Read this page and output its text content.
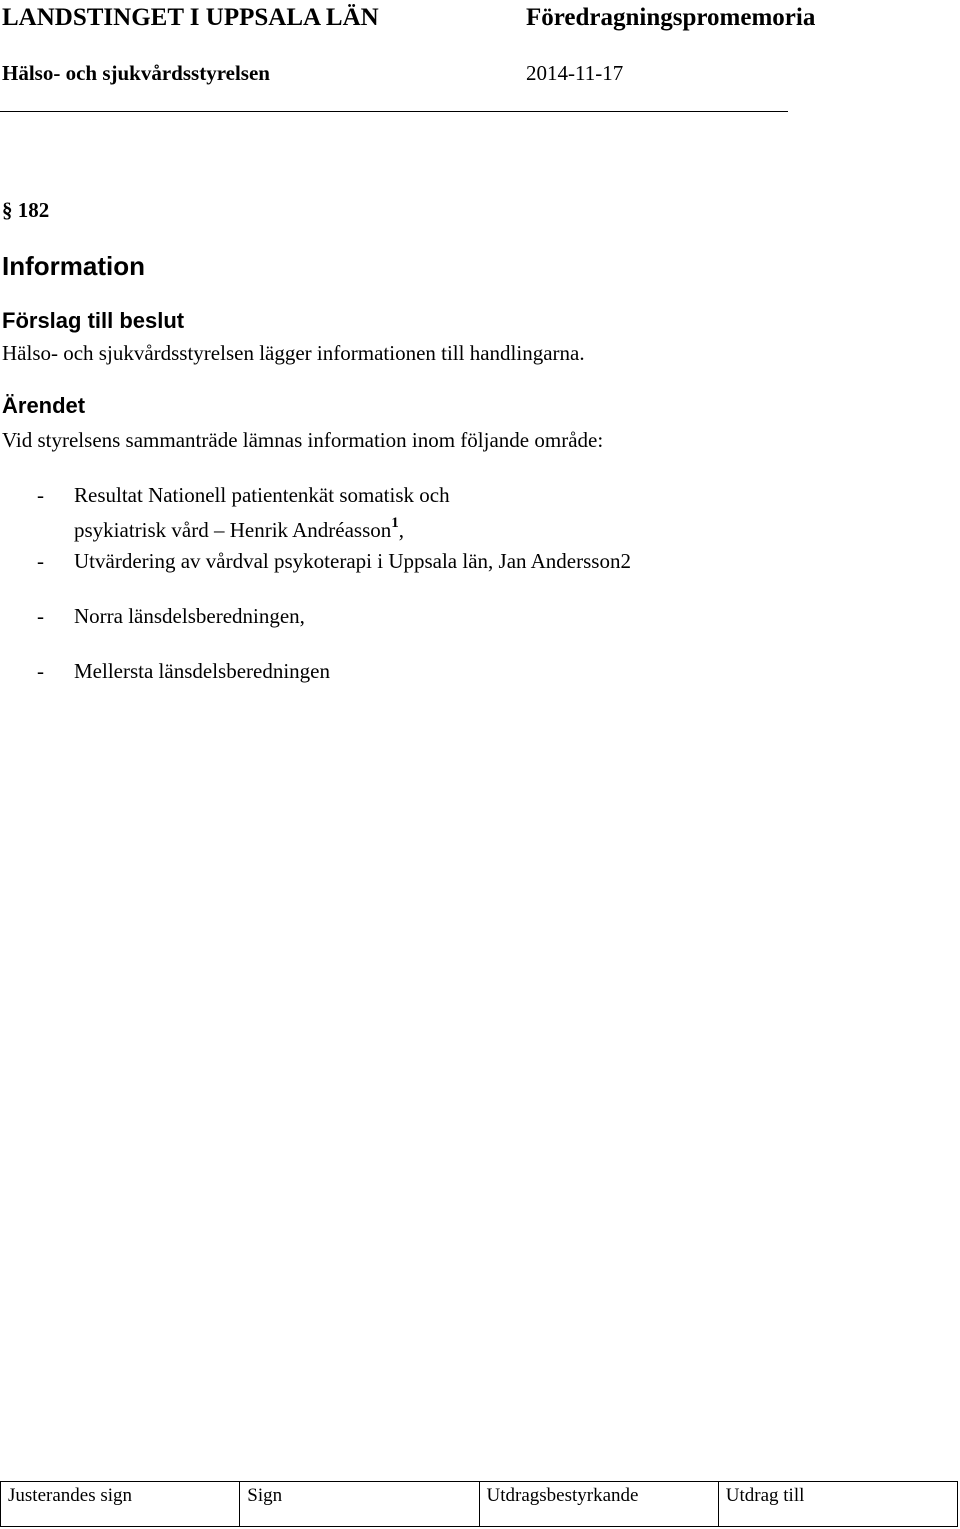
LANDSTINGET I UPPSALA LÄN	Föredragningspromemoria
Hälso- och sjukvårdsstyrelsen	2014-11-17
§ 182
Information
Förslag till beslut
Hälso- och sjukvårdsstyrelsen lägger informationen till handlingarna.
Ärendet
Vid styrelsens sammanträde lämnas information inom följande område:
- Resultat Nationell patientenkät somatisk och
psykiatrisk vård – Henrik Andréasson$^1$,
- Utvärdering av vårdval psykoterapi i Uppsala län, Jan Andersson2
- Norra länsdelsberedningen,
- Mellersta länsdelsberedningen
Justerandes sign	Sign	Utdragsbestyrkande	Utdrag till
